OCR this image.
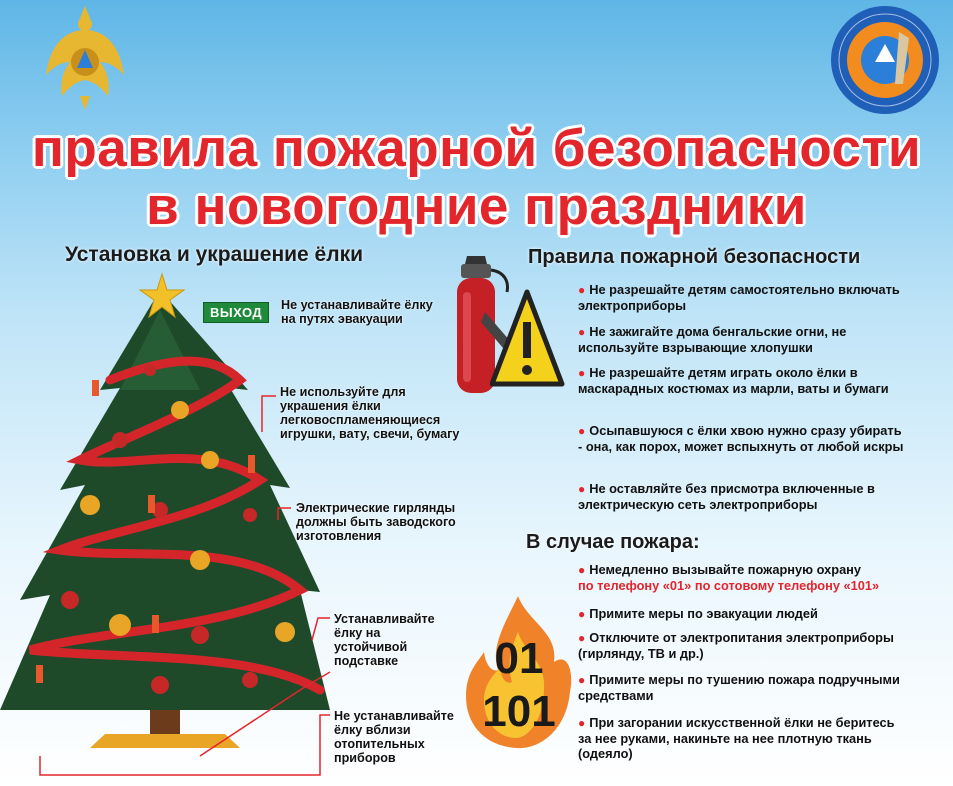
правила пожарной безопасности
в новогодние праздники
Установка и украшение ёлки	Правила пожарной безопасности
ВЫХОД	Не устанавливайте ёлку на путях эвакуации
Не используйте для украшения ёлки легковоспламеняющиеся игрушки, вату, свечи, бумагу
Электрические гирлянды должны быть заводского изготовления
Устанавливайте ёлку на устойчивой подставке
Не устанавливайте ёлку вблизи отопительных приборов
● Не разрешайте детям самостоятельно включать электроприборы
● Не зажигайте дома бенгальские огни, не используйте взрывающие хлопушки
● Не разрешайте детям играть около ёлки в маскарадных костюмах из марли, ваты и бумаги
● Осыпавшуюся с ёлки хвою нужно сразу убирать - она, как порох, может вспыхнуть от любой искры
● Не оставляйте без присмотра включенные в электрическую сеть электроприборы
В случае пожара:
● Немедленно вызывайте пожарную охрану
по телефону «01» по сотовому телефону «101»
● Примите меры по эвакуации людей
● Отключите от электропитания электроприборы (гирлянду, ТВ и др.)
● Примите меры по тушению пожара подручными средствами
● При загорании искусственной ёлки не беритесь за нее руками, накиньте на нее плотную ткань (одеяло)
01
101
